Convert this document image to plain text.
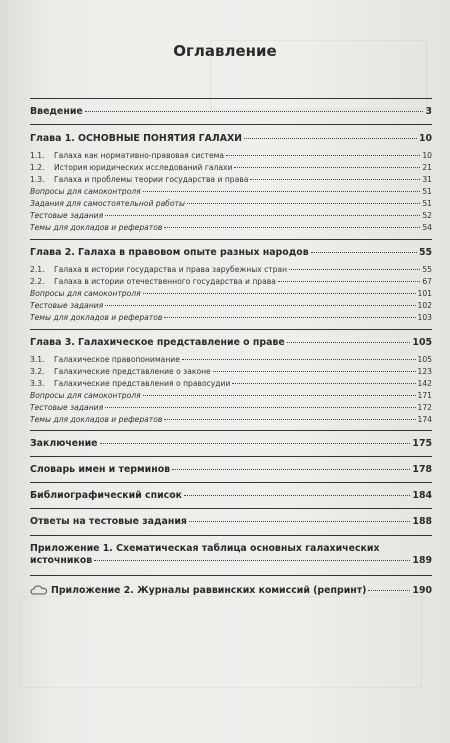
Оглавление
Введение	3
Глава 1. ОСНОВНЫЕ ПОНЯТИЯ ГАЛАХИ	10
1.1.	Галаха как нормативно-правовая система	10
1.2.	История юридических исследований галахи	21
1.3.	Галаха и проблемы теории государства и права	31
Вопросы для самоконтроля	51
Задания для самостоятельной работы	51
Тестовые задания	52
Темы для докладов и рефератов	54
Глава 2. Галаха в правовом опыте разных народов	55
2.1.	Галаха в истории государства и права зарубежных стран	55
2.2.	Галаха в истории отечественного государства и права	67
Вопросы для самоконтроля	101
Тестовые задания	102
Темы для докладов и рефератов	103
Глава 3. Галахическое представление о праве	105
3.1.	Галахическое правопонимание	105
3.2.	Галахические представление о законе	123
3.3.	Галахические представления о правосудии	142
Вопросы для самоконтроля	171
Тестовые задания	172
Темы для докладов и рефератов	174
Заключение	175
Словарь имен и терминов	178
Библиографический список	184
Ответы на тестовые задания	188
Приложение 1. Схематическая таблица основных галахических
источников	189
Приложение 2. Журналы раввинских комиссий (репринт)	190
